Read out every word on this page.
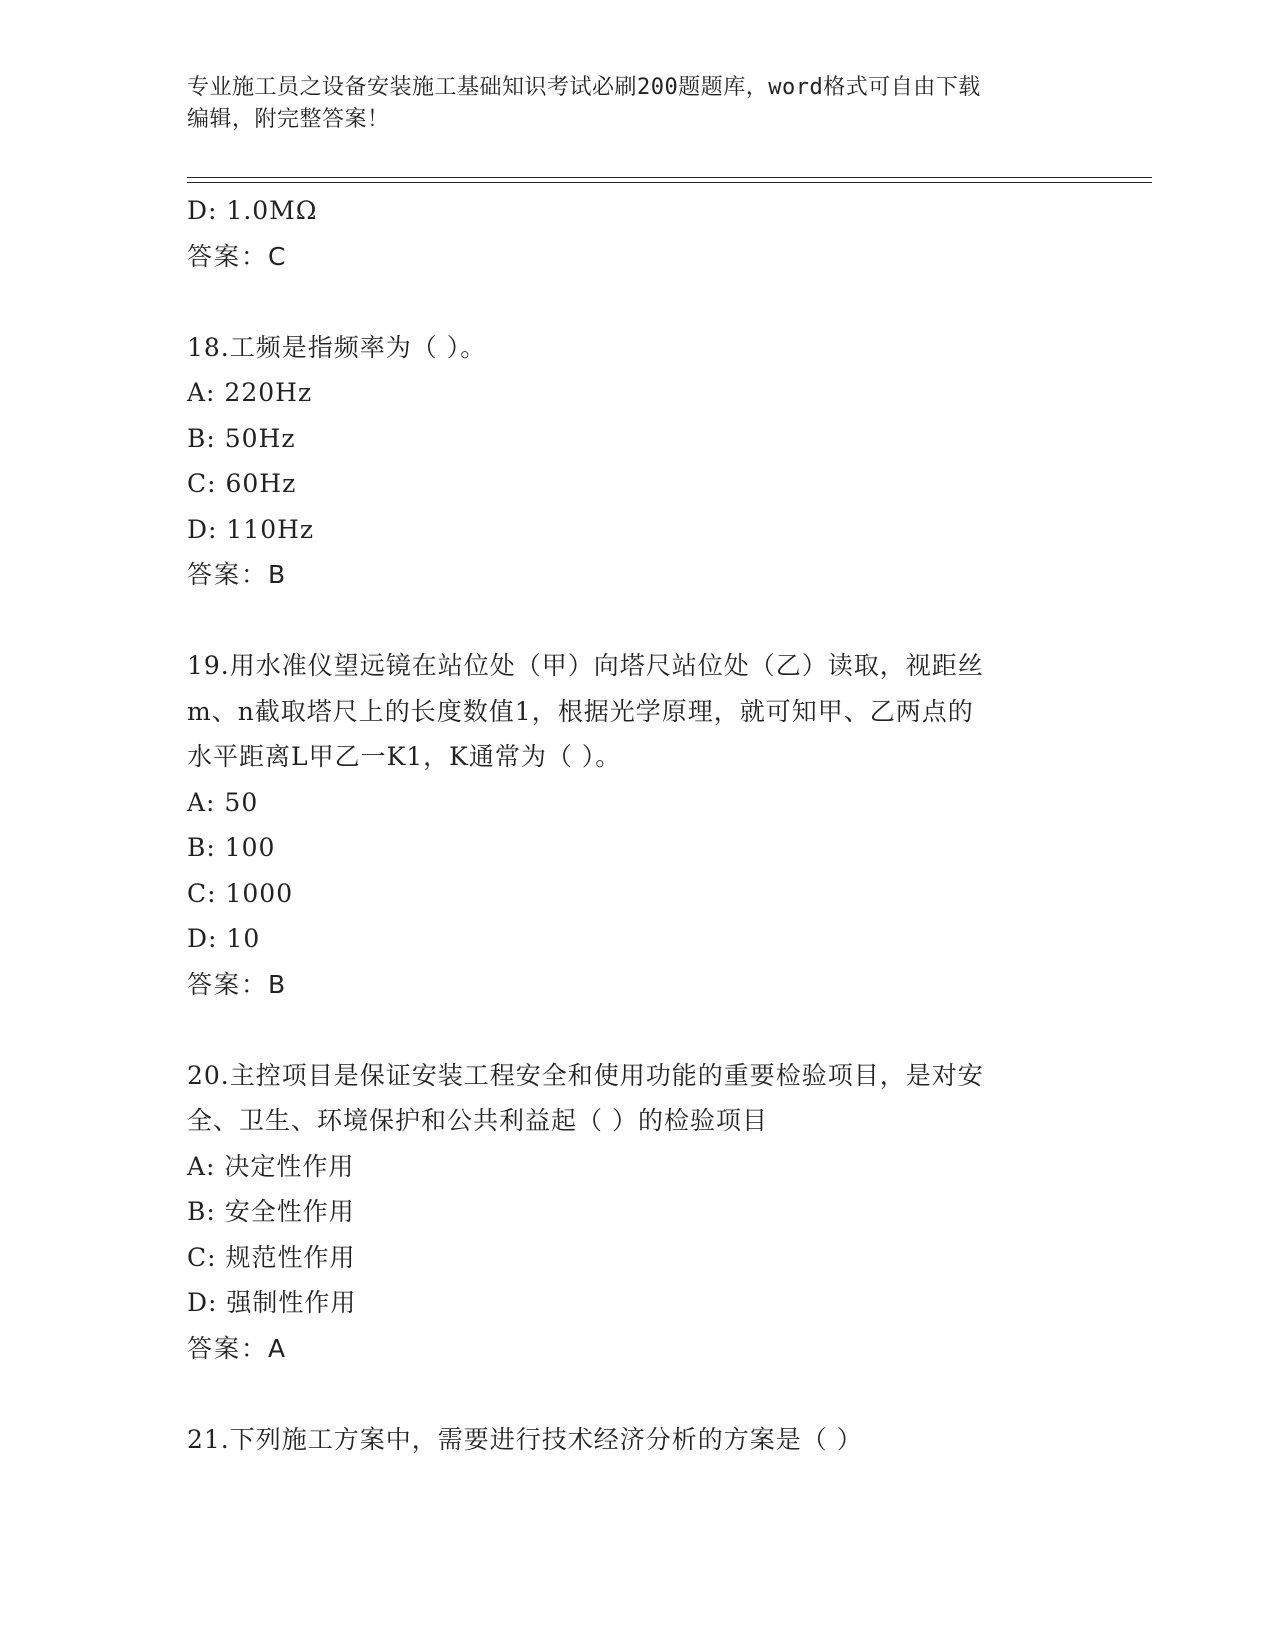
专业施工员之设备安装施工基础知识考试必刷200题题库，word格式可自由下载
编辑，附完整答案！
D: 1.0MΩ
答案：C
18.工频是指频率为（ ）。
A: 220Hz
B: 50Hz
C: 60Hz
D: 110Hz
答案：B
19.用水准仪望远镜在站位处（甲）向塔尺站位处（乙）读取，视距丝
m、n截取塔尺上的长度数值1，根据光学原理，就可知甲、乙两点的
水平距离L甲乙一K1，K通常为（ ）。
A: 50
B: 100
C: 1000
D: 10
答案：B
20.主控项目是保证安装工程安全和使用功能的重要检验项目，是对安
全、卫生、环境保护和公共利益起（ ）的检验项目
A: 决定性作用
B: 安全性作用
C: 规范性作用
D: 强制性作用
答案：A
21.下列施工方案中，需要进行技术经济分析的方案是（ ）
